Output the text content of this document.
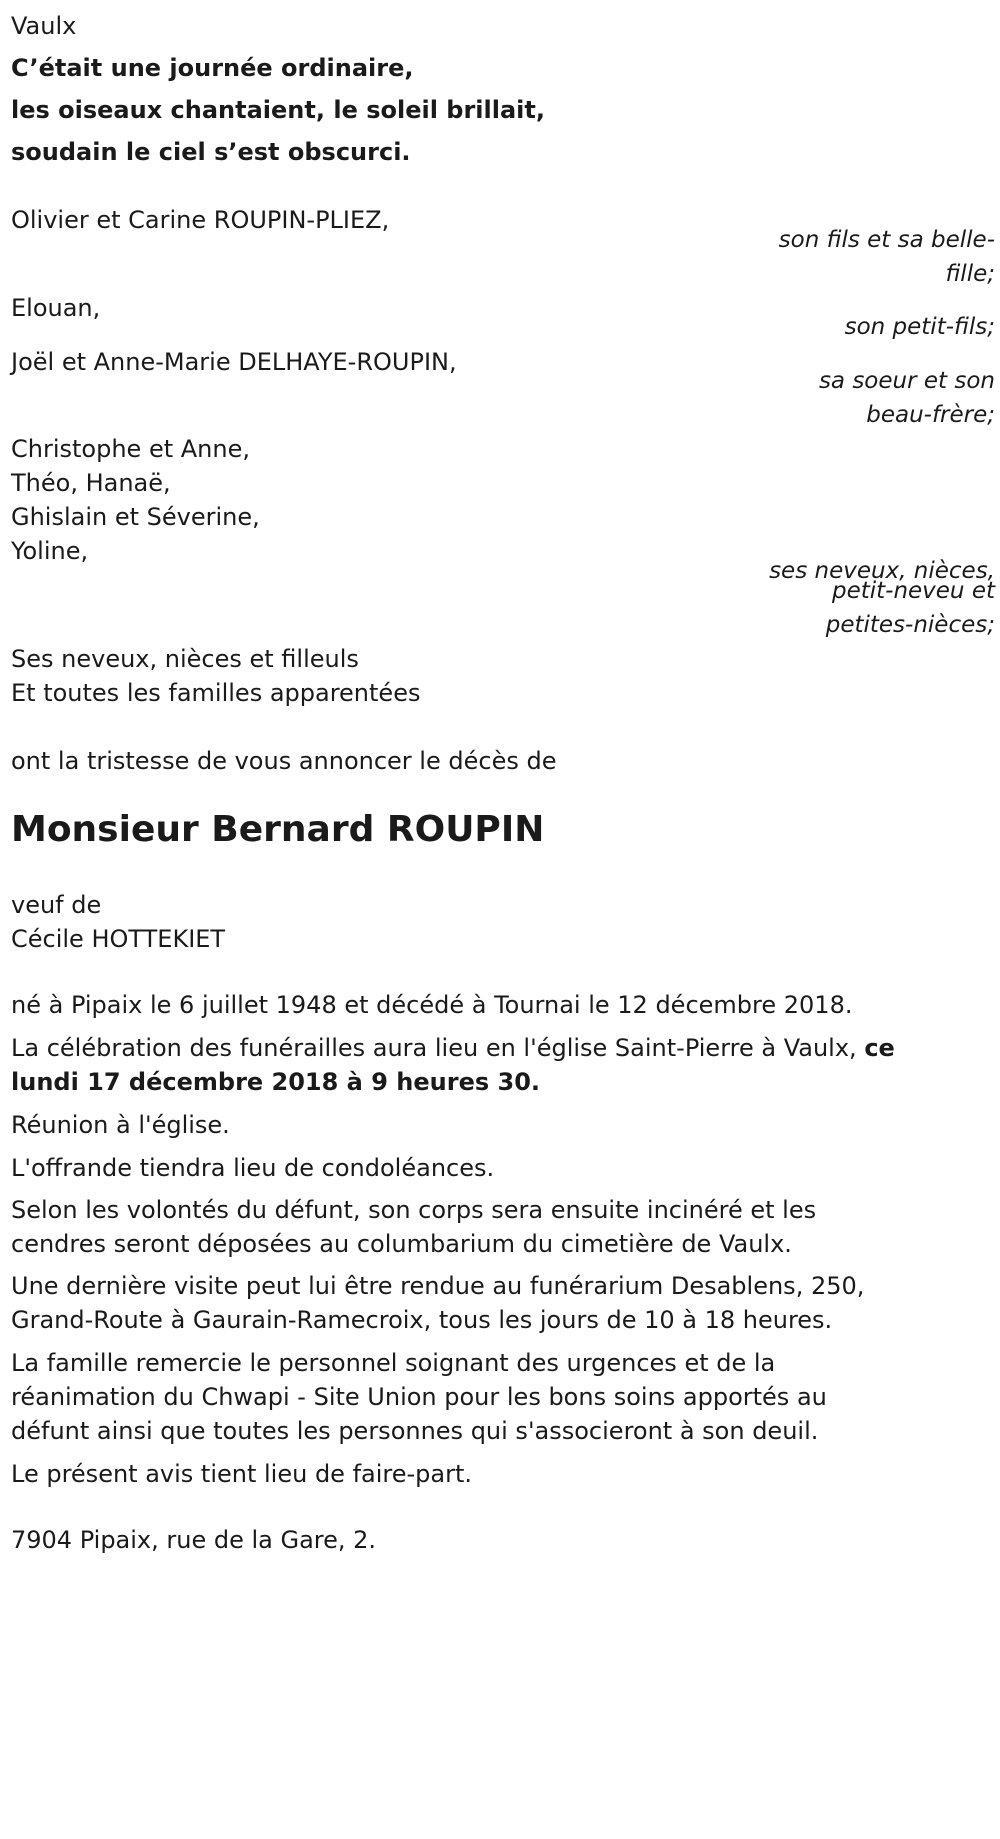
Vaulx
C’était une journée ordinaire,
les oiseaux chantaient, le soleil brillait,
soudain le ciel s’est obscurci.
Olivier et Carine ROUPIN-PLIEZ,
son fils et sa belle-
fille;
Elouan,
son petit-fils;
Joël et Anne-Marie DELHAYE-ROUPIN,
sa soeur et son
beau-frère;
Christophe et Anne,
Théo, Hanaë,
Ghislain et Séverine,
Yoline,
ses neveux, nièces,
petit-neveu et
petites-nièces;
Ses neveux, nièces et filleuls
Et toutes les familles apparentées
ont la tristesse de vous annoncer le décès de
Monsieur Bernard ROUPIN
veuf de
Cécile HOTTEKIET
né à Pipaix le 6 juillet 1948 et décédé à Tournai le 12 décembre 2018.
La célébration des funérailles aura lieu en l'église Saint-Pierre à Vaulx, ce
lundi 17 décembre 2018 à 9 heures 30.
Réunion à l'église.
L'offrande tiendra lieu de condoléances.
Selon les volontés du défunt, son corps sera ensuite incinéré et les
cendres seront déposées au columbarium du cimetière de Vaulx.
Une dernière visite peut lui être rendue au funérarium Desablens, 250,
Grand-Route à Gaurain-Ramecroix, tous les jours de 10 à 18 heures.
La famille remercie le personnel soignant des urgences et de la
réanimation du Chwapi - Site Union pour les bons soins apportés au
défunt ainsi que toutes les personnes qui s'associeront à son deuil.
Le présent avis tient lieu de faire-part.
7904 Pipaix, rue de la Gare, 2.
